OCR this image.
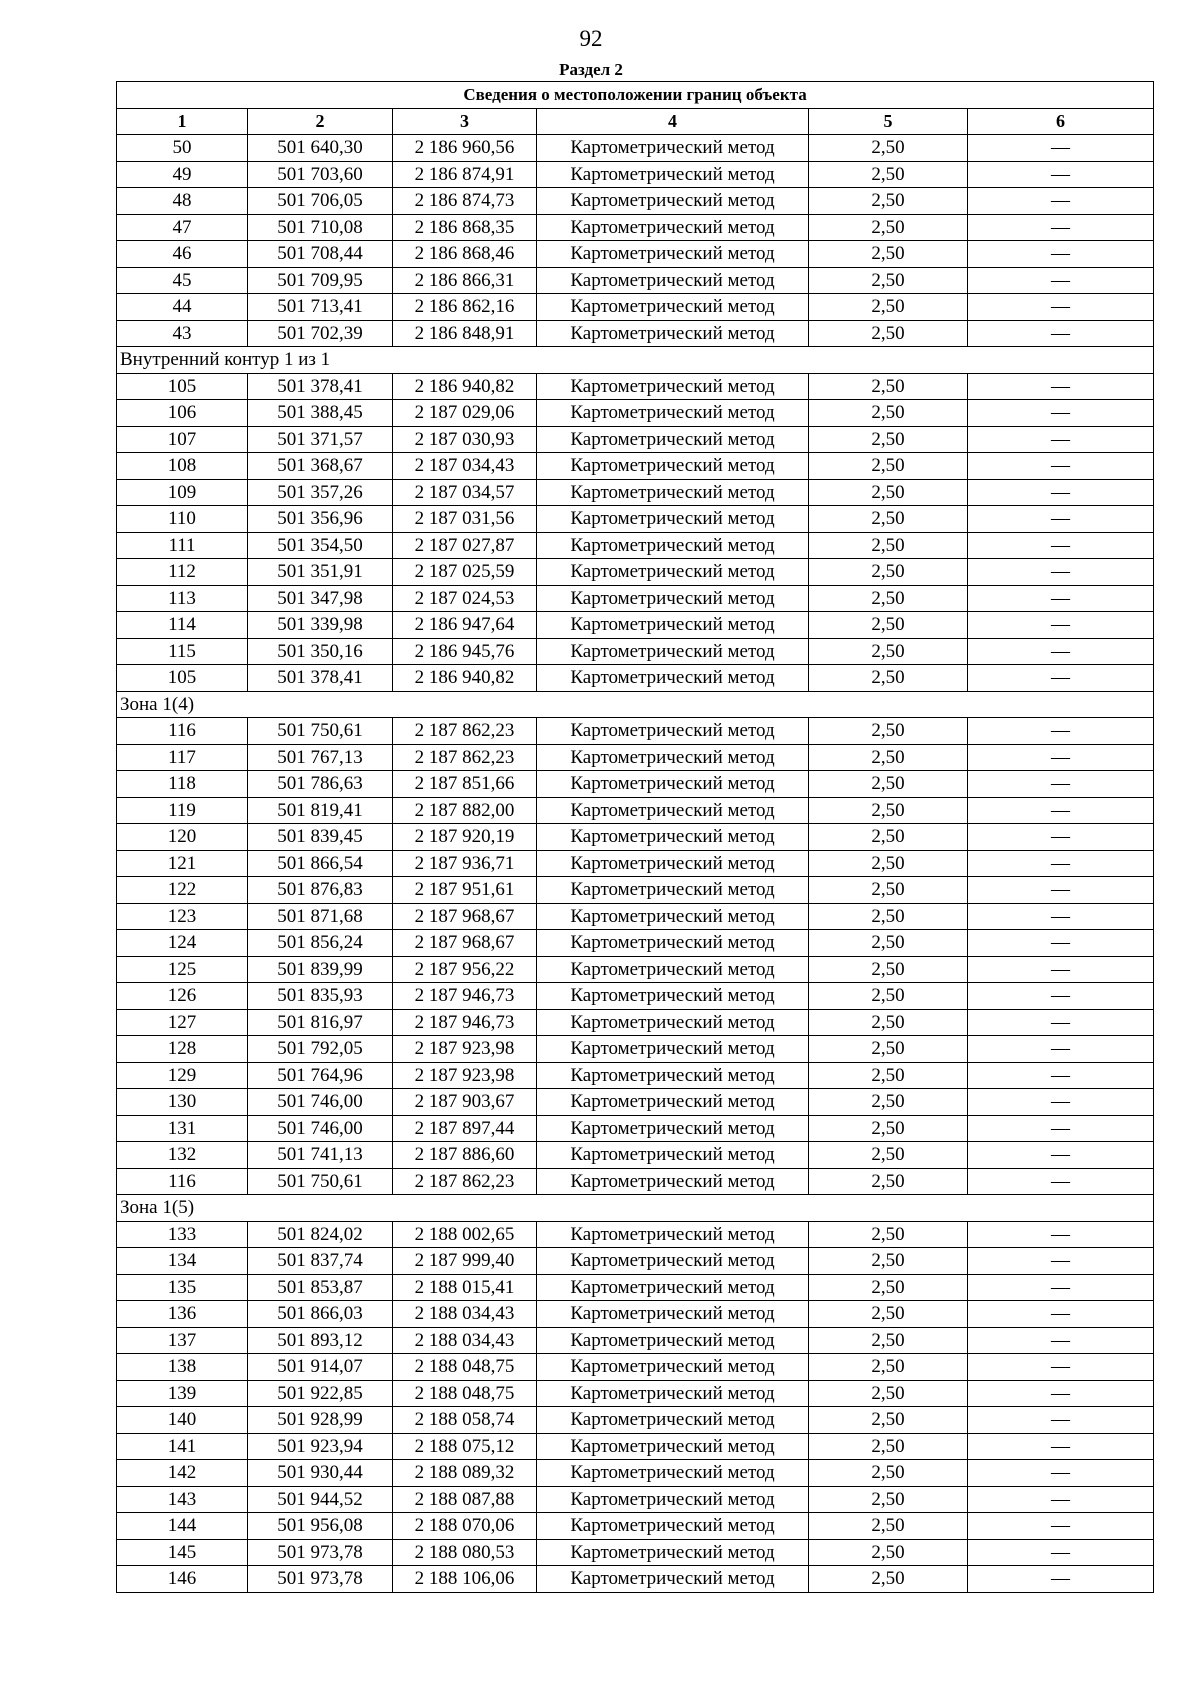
92
Раздел 2
Сведения о местоположении границ объекта					
1	2	3	4	5	6
50	501 640,30	2 186 960,56	Картометрический метод	2,50	—
49	501 703,60	2 186 874,91	Картометрический метод	2,50	—
48	501 706,05	2 186 874,73	Картометрический метод	2,50	—
47	501 710,08	2 186 868,35	Картометрический метод	2,50	—
46	501 708,44	2 186 868,46	Картометрический метод	2,50	—
45	501 709,95	2 186 866,31	Картометрический метод	2,50	—
44	501 713,41	2 186 862,16	Картометрический метод	2,50	—
43	501 702,39	2 186 848,91	Картометрический метод	2,50	—
Внутренний контур 1 из 1					
105	501 378,41	2 186 940,82	Картометрический метод	2,50	—
106	501 388,45	2 187 029,06	Картометрический метод	2,50	—
107	501 371,57	2 187 030,93	Картометрический метод	2,50	—
108	501 368,67	2 187 034,43	Картометрический метод	2,50	—
109	501 357,26	2 187 034,57	Картометрический метод	2,50	—
110	501 356,96	2 187 031,56	Картометрический метод	2,50	—
111	501 354,50	2 187 027,87	Картометрический метод	2,50	—
112	501 351,91	2 187 025,59	Картометрический метод	2,50	—
113	501 347,98	2 187 024,53	Картометрический метод	2,50	—
114	501 339,98	2 186 947,64	Картометрический метод	2,50	—
115	501 350,16	2 186 945,76	Картометрический метод	2,50	—
105	501 378,41	2 186 940,82	Картометрический метод	2,50	—
Зона 1(4)					
116	501 750,61	2 187 862,23	Картометрический метод	2,50	—
117	501 767,13	2 187 862,23	Картометрический метод	2,50	—
118	501 786,63	2 187 851,66	Картометрический метод	2,50	—
119	501 819,41	2 187 882,00	Картометрический метод	2,50	—
120	501 839,45	2 187 920,19	Картометрический метод	2,50	—
121	501 866,54	2 187 936,71	Картометрический метод	2,50	—
122	501 876,83	2 187 951,61	Картометрический метод	2,50	—
123	501 871,68	2 187 968,67	Картометрический метод	2,50	—
124	501 856,24	2 187 968,67	Картометрический метод	2,50	—
125	501 839,99	2 187 956,22	Картометрический метод	2,50	—
126	501 835,93	2 187 946,73	Картометрический метод	2,50	—
127	501 816,97	2 187 946,73	Картометрический метод	2,50	—
128	501 792,05	2 187 923,98	Картометрический метод	2,50	—
129	501 764,96	2 187 923,98	Картометрический метод	2,50	—
130	501 746,00	2 187 903,67	Картометрический метод	2,50	—
131	501 746,00	2 187 897,44	Картометрический метод	2,50	—
132	501 741,13	2 187 886,60	Картометрический метод	2,50	—
116	501 750,61	2 187 862,23	Картометрический метод	2,50	—
Зона 1(5)					
133	501 824,02	2 188 002,65	Картометрический метод	2,50	—
134	501 837,74	2 187 999,40	Картометрический метод	2,50	—
135	501 853,87	2 188 015,41	Картометрический метод	2,50	—
136	501 866,03	2 188 034,43	Картометрический метод	2,50	—
137	501 893,12	2 188 034,43	Картометрический метод	2,50	—
138	501 914,07	2 188 048,75	Картометрический метод	2,50	—
139	501 922,85	2 188 048,75	Картометрический метод	2,50	—
140	501 928,99	2 188 058,74	Картометрический метод	2,50	—
141	501 923,94	2 188 075,12	Картометрический метод	2,50	—
142	501 930,44	2 188 089,32	Картометрический метод	2,50	—
143	501 944,52	2 188 087,88	Картометрический метод	2,50	—
144	501 956,08	2 188 070,06	Картометрический метод	2,50	—
145	501 973,78	2 188 080,53	Картометрический метод	2,50	—
146	501 973,78	2 188 106,06	Картометрический метод	2,50	—
